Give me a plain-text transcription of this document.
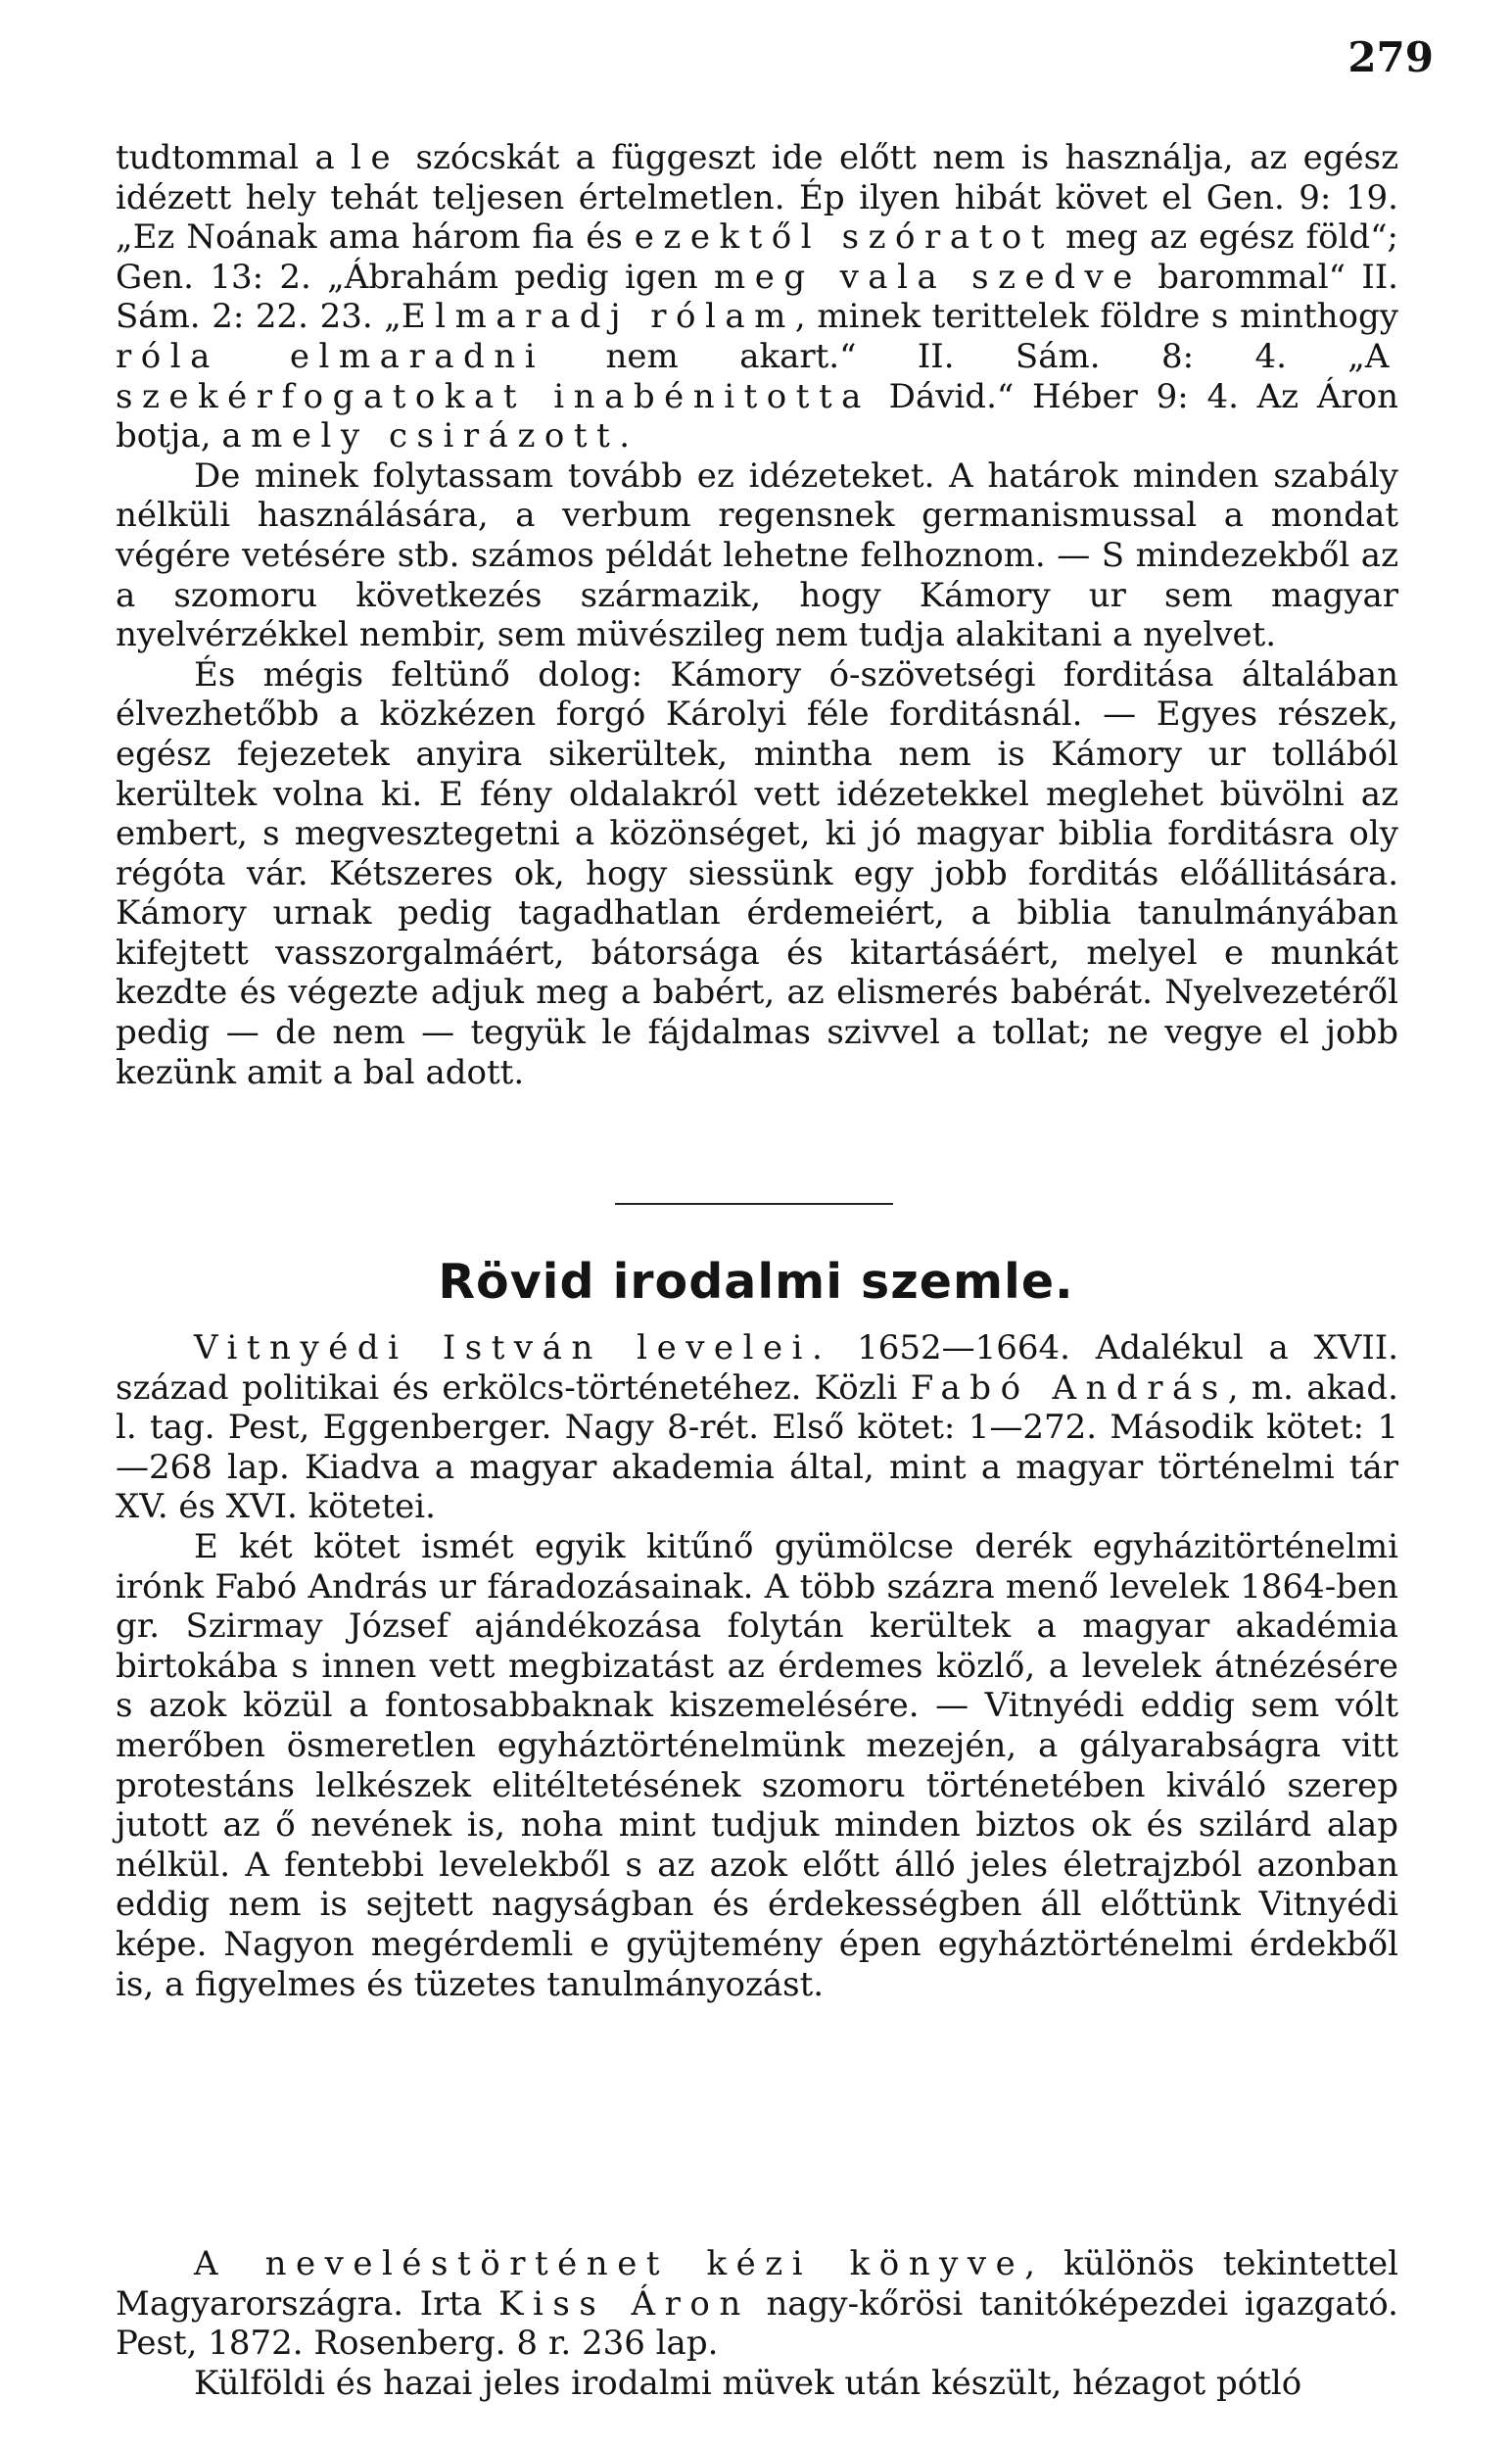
279

tudtommal a le szócskát a függeszt ide előtt nem is használja, az egész idézett hely tehát teljesen értelmetlen. Ép ilyen hibát követ el Gen. 9: 19. „Ez Noának ama három fia és ezektől szóratot meg az egész föld“; Gen. 13: 2. „Ábrahám pedig igen meg vala szedve barommal“ II. Sám. 2: 22. 23. „Elmaradj rólam, minek terittelek földre s minthogy róla elmaradni nem akart.“ II. Sám. 8: 4. „A szekérfogatokat inabénitotta Dávid.“ Héber 9: 4. Az Áron botja, amely csirázott.

De minek folytassam tovább ez idézeteket. A határok minden szabály nélküli használására, a verbum regensnek germanismussal a mondat végére vetésére stb. számos példát lehetne felhoznom. — S mindezekből az a szomoru következés származik, hogy Kámory ur sem magyar nyelvérzékkel nembir, sem müvészileg nem tudja alakitani a nyelvet.

És mégis feltünő dolog: Kámory ó-szövetségi forditása általában élvezhetőbb a közkézen forgó Károlyi féle forditásnál. — Egyes részek, egész fejezetek anyira sikerültek, mintha nem is Kámory ur tollából kerültek volna ki. E fény oldalakról vett idézetekkel meglehet büvölni az embert, s megvesztegetni a közönséget, ki jó magyar biblia forditásra oly régóta vár. Kétszeres ok, hogy siessünk egy jobb forditás előállitására. Kámory urnak pedig tagadhatlan érdemeiért, a biblia tanulmányában kifejtett vasszorgalmáért, bátorsága és kitartásáért, melyel e munkát kezdte és végezte adjuk meg a babért, az elismerés babérát. Nyelvezetéről pedig — de nem — tegyük le fájdalmas szivvel a tollat; ne vegye el jobb kezünk amit a bal adott.

Rövid irodalmi szemle.

Vitnyédi István levelei. 1652—1664. Adalékul a XVII. század politikai és erkölcs-történetéhez. Közli Fabó András, m. akad. l. tag. Pest, Eggenberger. Nagy 8-rét. Első kötet: 1—272. Második kötet: 1—268 lap. Kiadva a magyar akademia által, mint a magyar történelmi tár XV. és XVI. kötetei.

E két kötet ismét egyik kitűnő gyümölcse derék egyházitörténelmi irónk Fabó András ur fáradozásainak. A több százra menő levelek 1864-ben gr. Szirmay József ajándékozása folytán kerültek a magyar akadémia birtokába s innen vett megbizatást az érdemes közlő, a levelek átnézésére s azok közül a fontosabbaknak kiszemelésére. — Vitnyédi eddig sem vólt merőben ösmeretlen egyháztörténelmünk mezején, a gályarabságra vitt protestáns lelkészek elitéltetésének szomoru történetében kiváló szerep jutott az ő nevének is, noha mint tudjuk minden biztos ok és szilárd alap nélkül. A fentebbi levelekből s az azok előtt álló jeles életrajzból azonban eddig nem is sejtett nagyságban és érdekességben áll előttünk Vitnyédi képe. Nagyon megérdemli e gyüjtemény épen egyháztörténelmi érdekből is, a figyelmes és tüzetes tanulmányozást.

A neveléstörténet kézi könyve, különös tekintettel Magyarországra. Irta Kiss Áron nagy-kőrösi tanitóképezdei igazgató. Pest, 1872. Rosenberg. 8 r. 236 lap.

Külföldi és hazai jeles irodalmi müvek után készült, hézagot pótló
